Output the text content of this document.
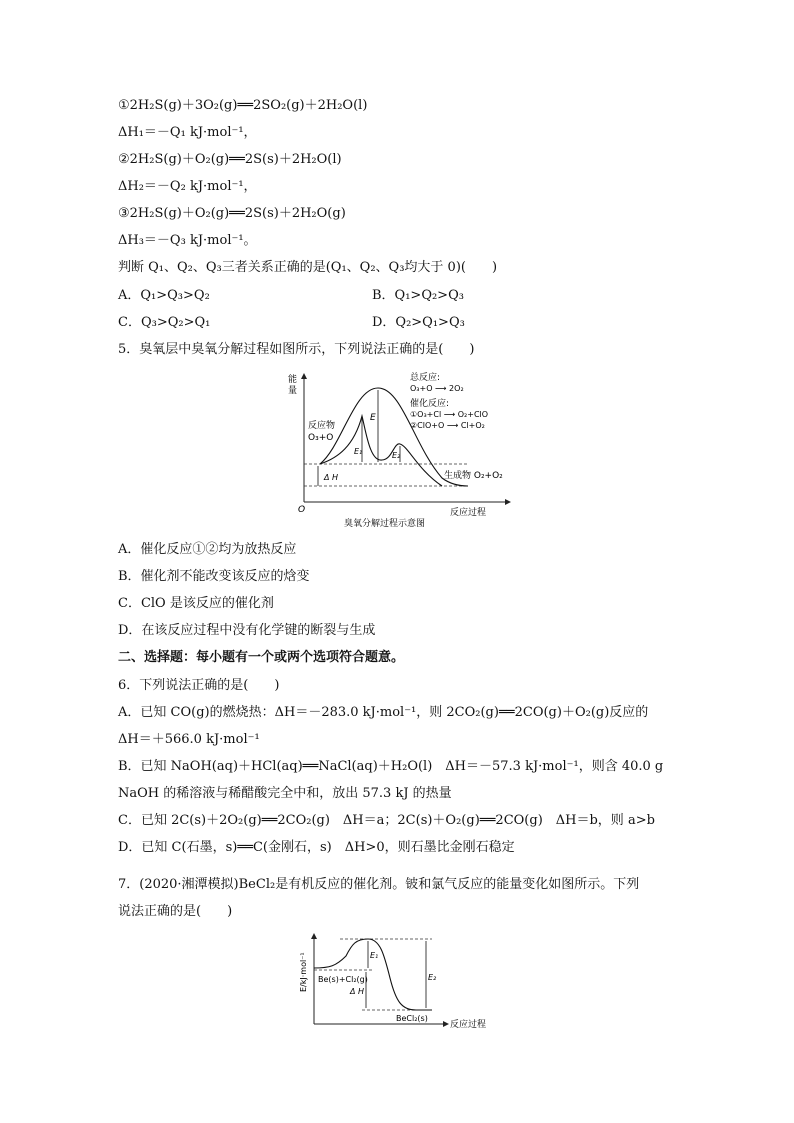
①2H₂S(g)＋3O₂(g)══2SO₂(g)＋2H₂O(l)
ΔH₁＝－Q₁ kJ·mol⁻¹，
②2H₂S(g)＋O₂(g)══2S(s)＋2H₂O(l)
ΔH₂＝－Q₂ kJ·mol⁻¹，
③2H₂S(g)＋O₂(g)══2S(s)＋2H₂O(g)
ΔH₃＝－Q₃ kJ·mol⁻¹。
判断 Q₁、Q₂、Q₃三者关系正确的是(Q₁、Q₂、Q₃均大于 0)(　　)
A．Q₁>Q₃>Q₂	B．Q₁>Q₂>Q₃
C．Q₃>Q₂>Q₁	D．Q₂>Q₁>Q₃
5．臭氧层中臭氧分解过程如图所示，下列说法正确的是(　　)
能
量
O	反应过程
臭氧分解过程示意图
E
E₁	E₂
Δ H
反应物
O₃+O
生成物 O₂+O₂
总反应:
O₃+O ⟶ 2O₂
催化反应:
①O₃+Cl ⟶ O₂+ClO
②ClO+O ⟶ Cl+O₂
A．催化反应①②均为放热反应
B．催化剂不能改变该反应的焓变
C．ClO 是该反应的催化剂
D．在该反应过程中没有化学键的断裂与生成
二、选择题：每小题有一个或两个选项符合题意。
6．下列说法正确的是(　　)
A．已知 CO(g)的燃烧热：ΔH＝－283.0 kJ·mol⁻¹，则 2CO₂(g)══2CO(g)＋O₂(g)反应的
ΔH＝＋566.0 kJ·mol⁻¹
B．已知 NaOH(aq)＋HCl(aq)══NaCl(aq)＋H₂O(l)　ΔH＝－57.3 kJ·mol⁻¹，则含 40.0 g
NaOH 的稀溶液与稀醋酸完全中和，放出 57.3 kJ 的热量
C．已知 2C(s)＋2O₂(g)══2CO₂(g)　ΔH＝a；2C(s)＋O₂(g)══2CO(g)　ΔH＝b，则 a>b
D．已知 C(石墨，s)══C(金刚石，s)　ΔH>0，则石墨比金刚石稳定
7．(2020·湘潭模拟)BeCl₂是有机反应的催化剂。铍和氯气反应的能量变化如图所示。下列
说法正确的是(　　)
E/kJ·mol⁻¹
反应过程
Be(s)+Cl₂(g)
BeCl₂(s)
E₁
Δ H
E₂
